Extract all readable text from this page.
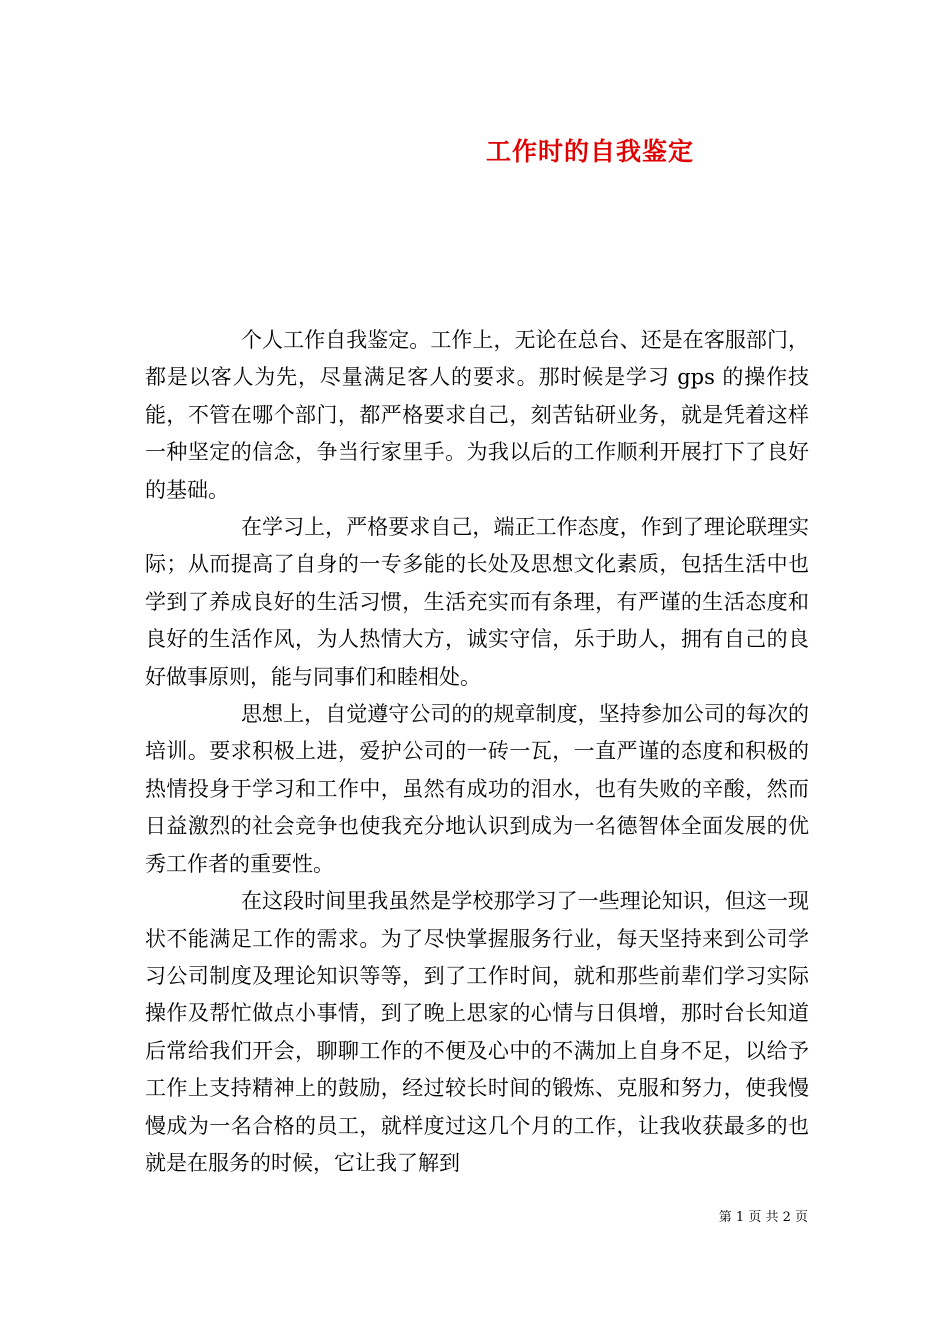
工作时的自我鉴定

个人工作自我鉴定。工作上，无论在总台、还是在客服部门，都是以客人为先，尽量满足客人的要求。那时候是学习 gps 的操作技能，不管在哪个部门，都严格要求自己，刻苦钻研业务，就是凭着这样一种坚定的信念，争当行家里手。为我以后的工作顺利开展打下了良好的基础。

在学习上，严格要求自己，端正工作态度，作到了理论联理实际；从而提高了自身的一专多能的长处及思想文化素质，包括生活中也学到了养成良好的生活习惯，生活充实而有条理，有严谨的生活态度和良好的生活作风，为人热情大方，诚实守信，乐于助人，拥有自己的良好做事原则，能与同事们和睦相处。

思想上，自觉遵守公司的的规章制度，坚持参加公司的每次的培训。要求积极上进，爱护公司的一砖一瓦，一直严谨的态度和积极的热情投身于学习和工作中，虽然有成功的泪水，也有失败的辛酸，然而日益激烈的社会竞争也使我充分地认识到成为一名德智体全面发展的优秀工作者的重要性。

在这段时间里我虽然是学校那学习了一些理论知识，但这一现状不能满足工作的需求。为了尽快掌握服务行业，每天坚持来到公司学习公司制度及理论知识等等，到了工作时间，就和那些前辈们学习实际操作及帮忙做点小事情，到了晚上思家的心情与日俱增，那时台长知道后常给我们开会，聊聊工作的不便及心中的不满加上自身不足，以给予工作上支持精神上的鼓励，经过较长时间的锻炼、克服和努力，使我慢慢成为一名合格的员工，就样度过这几个月的工作，让我收获最多的也就是在服务的时候，它让我了解到

第 1 页 共 2 页
